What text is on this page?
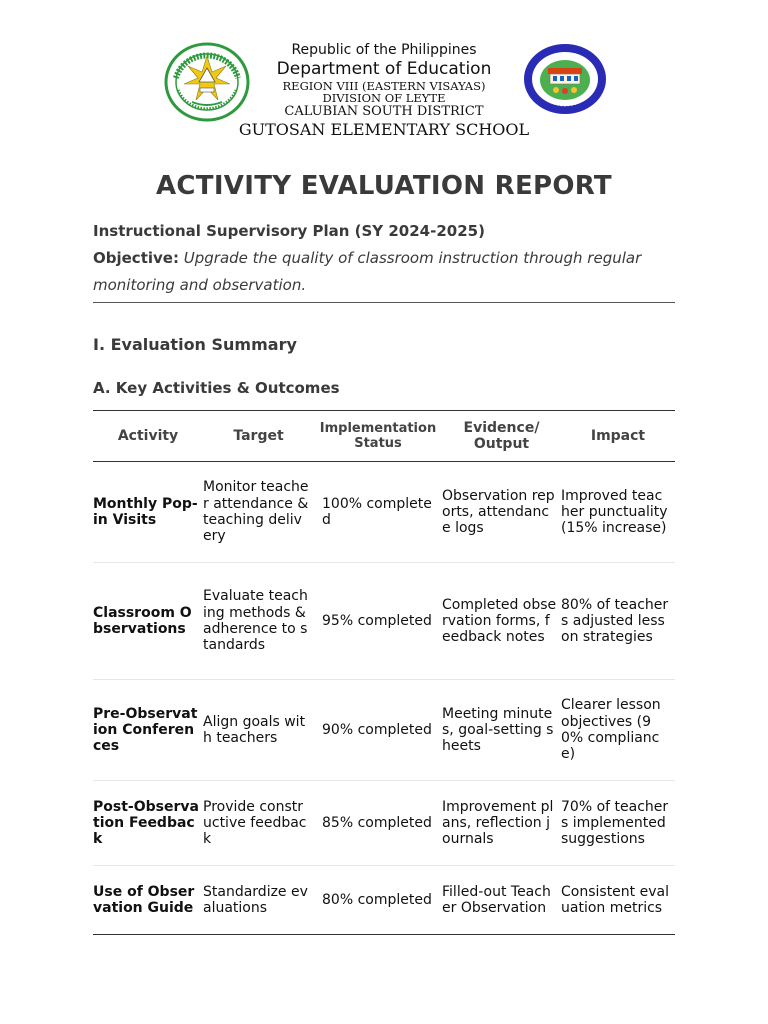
Republic of the Philippines
Department of Education
REGION VIII (EASTERN VISAYAS)
DIVISION OF LEYTE
CALUBIAN SOUTH DISTRICT
GUTOSAN ELEMENTARY SCHOOL
ACTIVITY EVALUATION REPORT
Instructional Supervisory Plan (SY 2024-2025)
Objective: Upgrade the quality of classroom instruction through regular monitoring and observation.
I. Evaluation Summary
A. Key Activities & Outcomes
Activity	Target	Implementation Status	Evidence/ Output	Impact
Monthly Pop-in Visits	Monitor teacher attendance & teaching delivery	100% completed	Observation reports, attendance logs	Improved teacher punctuality (15% increase)
Classroom Observations	Evaluate teaching methods & adherence to standards	95% completed	Completed observation forms, feedback notes	80% of teachers adjusted lesson strategies
Pre-Observation Conferences	Align goals with teachers	90% completed	Meeting minutes, goal-setting sheets	Clearer lesson objectives (90% compliance)
Post-Observation Feedback	Provide constructive feedback	85% completed	Improvement plans, reflection journals	70% of teachers implemented suggestions
Use of Observation Guide	Standardize evaluations	80% completed	Filled-out Teacher Observation	Consistent evaluation metrics
